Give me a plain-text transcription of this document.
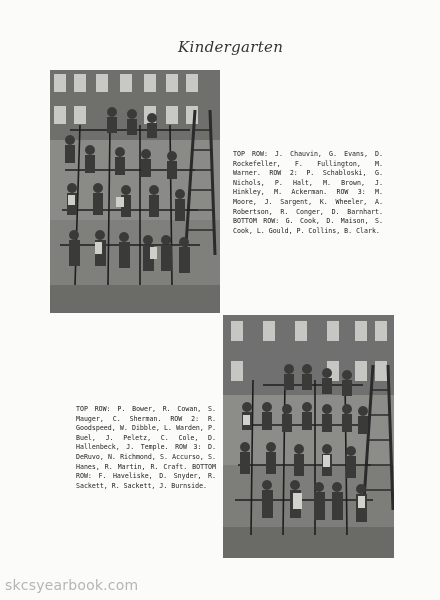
Kindergarten
TOP ROW: J. Chauvin, G. Evans, D. Rockefeller, F. Fullington, M. Warner. ROW 2: P. Schabloski, G. Nichols, P. Halt, M. Brown, J. Hinkley, M. Ackerman. ROW 3: M. Moore, J. Sargent, K. Wheeler, A. Robertson, R. Conger, D. Barnhart. BOTTOM ROW: G. Cook, D. Maison, S. Cook, L. Gould, P. Collins, B. Clark.
TOP ROW: P. Bower, R. Cowan, S. Mauger, C. Sherman. ROW 2: R. Goodspeed, W. Dibble, L. Warden, P. Buel, J. Peletz, C. Cole, D. Hallenbeck, J. Temple. ROW 3: D. DeRuvo, N. Richmond, S. Accurso, S. Hanes, R. Martin, R. Craft. BOTTOM ROW: F. Haveliske, D. Snyder, R. Sackett, R. Sackett, J. Burnside.
skcsyearbook.com
